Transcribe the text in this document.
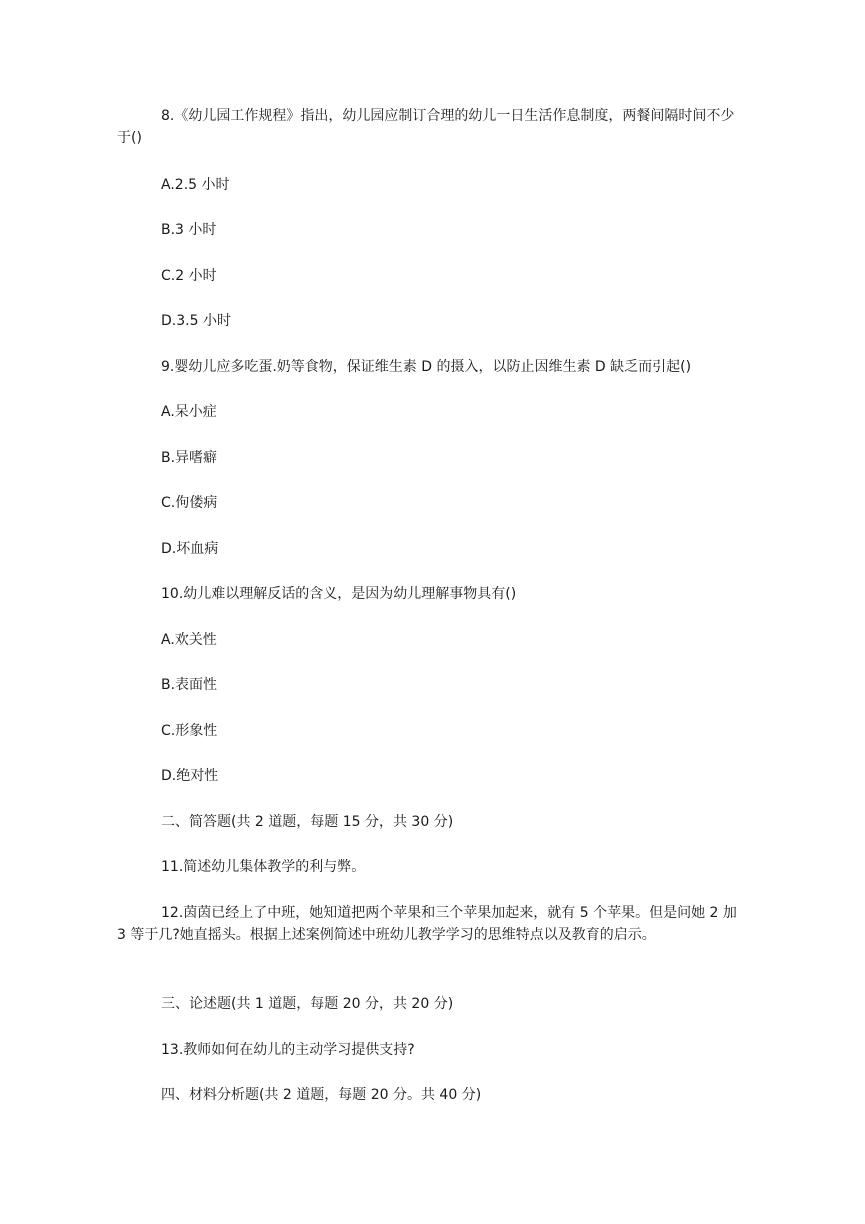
8.《幼儿园工作规程》指出，幼儿园应制订合理的幼儿一日生活作息制度，两餐间隔时间不少于()

A.2.5 小时

B.3 小时

C.2 小时

D.3.5 小时

9.婴幼儿应多吃蛋.奶等食物，保证维生素 D 的摄入，以防止因维生素 D 缺乏而引起()

A.呆小症

B.异嗜癖

C.佝偻病

D.坏血病

10.幼儿难以理解反话的含义，是因为幼儿理解事物具有()

A.欢关性

B.表面性

C.形象性

D.绝对性

二、简答题(共 2 道题，每题 15 分，共 30 分)

11.简述幼儿集体教学的利与弊。

12.茵茵已经上了中班，她知道把两个苹果和三个苹果加起来，就有 5 个苹果。但是问她 2 加 3 等于几?她直摇头。根据上述案例简述中班幼儿教学学习的思维特点以及教育的启示。

三、论述题(共 1 道题，每题 20 分，共 20 分)

13.教师如何在幼儿的主动学习提供支持?

四、材料分析题(共 2 道题，每题 20 分。共 40 分)
